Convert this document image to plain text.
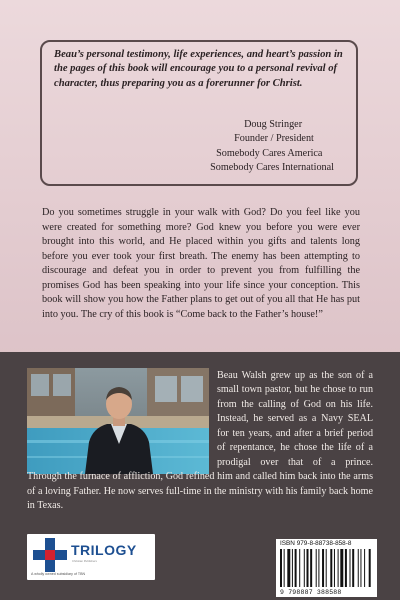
Beau’s personal testimony, life experiences, and heart’s passion in the pages of this book will encourage you to a personal revival of character, thus preparing you as a forerunner for Christ.

Doug Stringer
Founder / President
Somebody Cares America
Somebody Cares International

Do you sometimes struggle in your walk with God? Do you feel like you were created for something more? God knew you before you were ever brought into this world, and He placed within you gifts and talents long before you ever took your first breath. The enemy has been attempting to discourage and defeat you in order to prevent you from fulfilling the promises God has been speaking into your life since your conception. This book will show you how the Father plans to get out of you all that He has put into you. The cry of this book is “Come back to the Father’s house!”

Beau Walsh grew up as the son of a small town pastor, but he chose to run from the calling of God on his life. Instead, he served as a Navy SEAL for ten years, and after a brief period of repentance, he chose the life of a prodigal over that of a prince. Through the furnace of affliction, God refined him and called him back into the arms of a loving Father. He now serves full-time in the ministry with his family back home in Texas.

TRILOGY
Christian Publishers
A wholly owned subsidiary of TBN
ISBN 979-8-88738-858-8
9 798887 388588
